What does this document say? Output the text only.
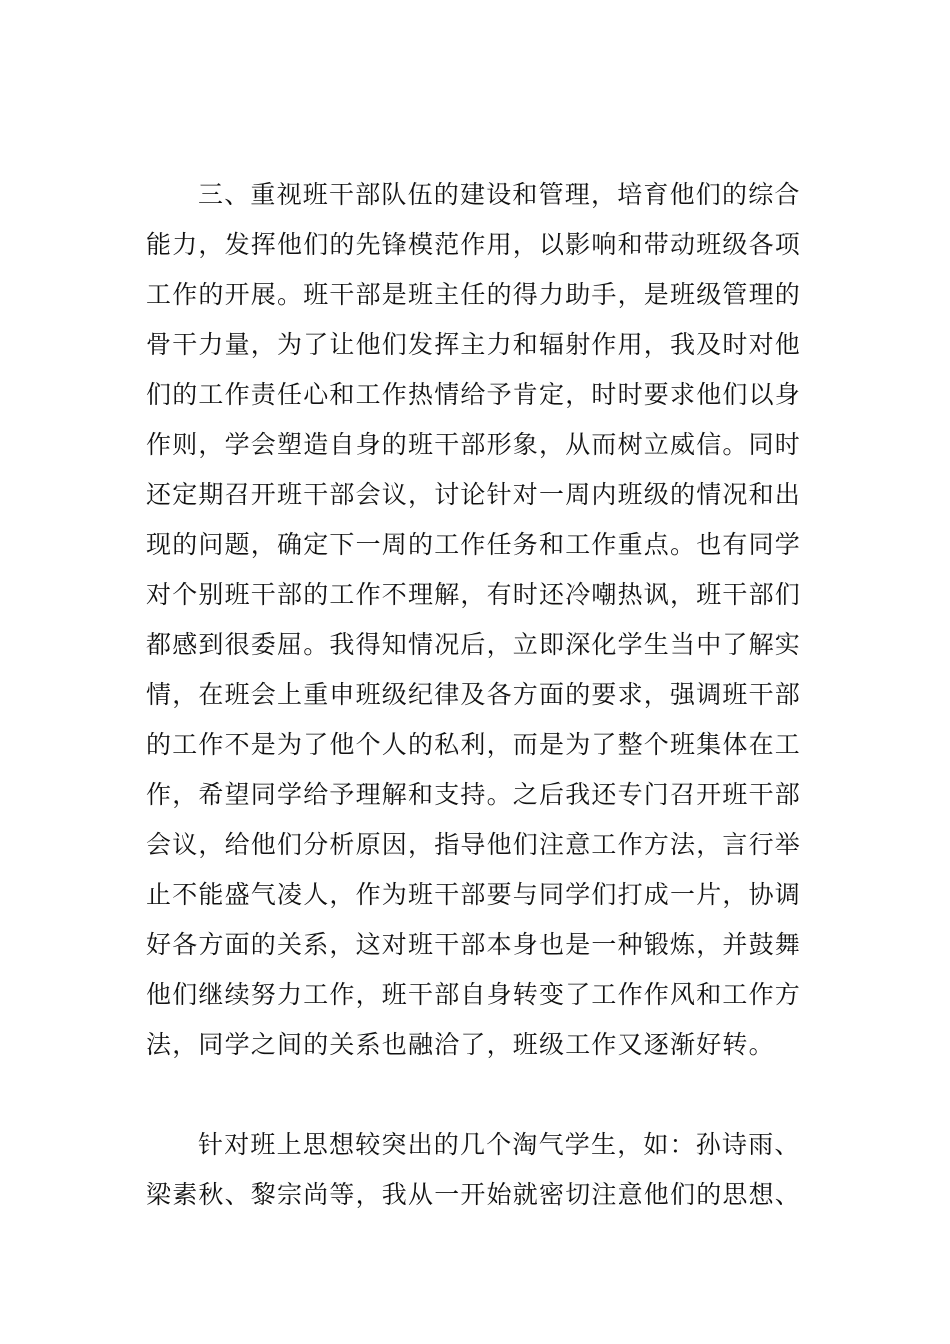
三、重视班干部队伍的建设和管理，培育他们的综合
能力，发挥他们的先锋模范作用，以影响和带动班级各项
工作的开展。班干部是班主任的得力助手，是班级管理的
骨干力量，为了让他们发挥主力和辐射作用，我及时对他
们的工作责任心和工作热情给予肯定，时时要求他们以身
作则，学会塑造自身的班干部形象，从而树立威信。同时
还定期召开班干部会议，讨论针对一周内班级的情况和出
现的问题，确定下一周的工作任务和工作重点。也有同学
对个别班干部的工作不理解，有时还冷嘲热讽，班干部们
都感到很委屈。我得知情况后，立即深化学生当中了解实
情，在班会上重申班级纪律及各方面的要求，强调班干部
的工作不是为了他个人的私利，而是为了整个班集体在工
作，希望同学给予理解和支持。之后我还专门召开班干部
会议，给他们分析原因，指导他们注意工作方法，言行举
止不能盛气凌人，作为班干部要与同学们打成一片，协调
好各方面的关系，这对班干部本身也是一种锻炼，并鼓舞
他们继续努力工作，班干部自身转变了工作作风和工作方
法，同学之间的关系也融洽了，班级工作又逐渐好转。
针对班上思想较突出的几个淘气学生，如：孙诗雨、
梁素秋、黎宗尚等，我从一开始就密切注意他们的思想、
